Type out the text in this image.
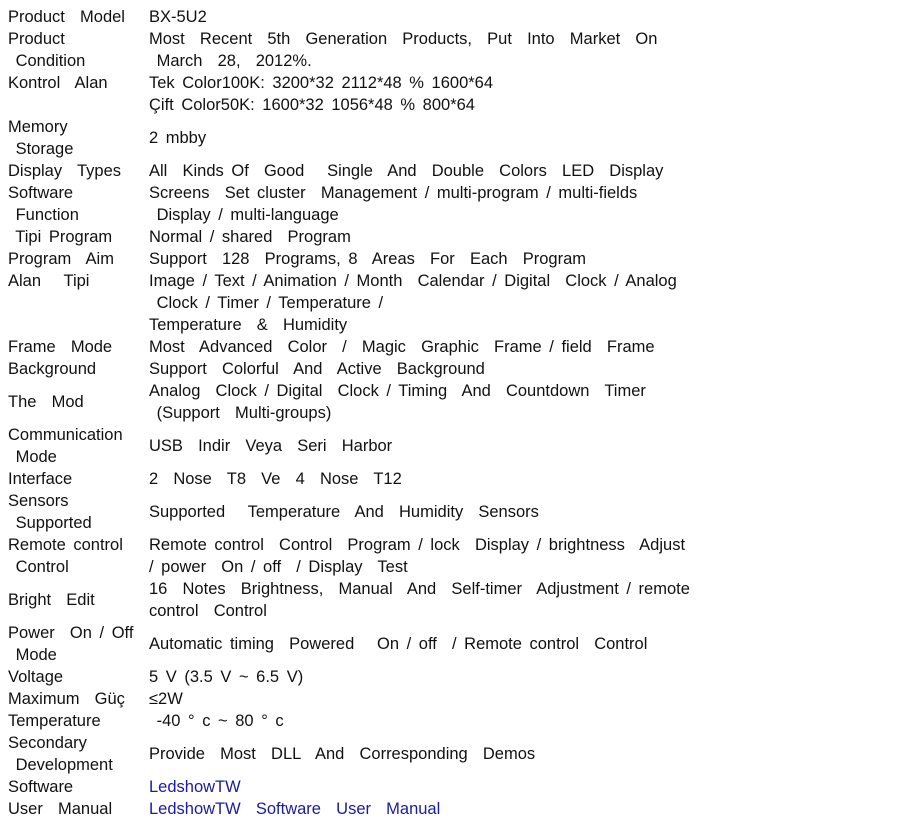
Product  Model	BX-5U2

Product
Condition	Most  Recent  5th  Generation  Products,  Put  Into  Market  On
March  28,  2012%.

Kontrol  Alan	Tek Color100K: 3200*32 2112*48 % 1600*64
Çift Color50K: 1600*32 1056*48 % 800*64

Memory
Storage	2 mbby

Display  Types	All  Kinds Of  Good   Single  And  Double  Colors  LED  Display

Software
Function	Screens  Set cluster  Management / multi-program / multi-fields
Display / multi-language

Tipi Program	Normal / shared  Program

Program  Aim	Support  128  Programs, 8  Areas  For  Each  Program

Alan   Tipi	Image / Text / Animation / Month  Calendar / Digital  Clock / Analog
Clock / Timer / Temperature /
Temperature  &  Humidity

Frame  Mode	Most  Advanced  Color  /  Magic  Graphic  Frame / field  Frame

Background	Support  Colorful  And  Active  Background

The  Mod	Analog  Clock / Digital  Clock / Timing  And  Countdown  Timer
(Support  Multi-groups)

Communication
Mode	USB  Indir  Veya  Seri  Harbor

Interface	2  Nose  T8  Ve  4  Nose  T12

Sensors
Supported	Supported   Temperature  And  Humidity  Sensors

Remote control
Control	Remote control  Control  Program / lock  Display / brightness  Adjust
/ power  On / off  / Display  Test

Bright  Edit	16  Notes  Brightness,  Manual  And  Self-timer  Adjustment / remote
control  Control

Power  On / Off
Mode	Automatic timing  Powered   On / off  / Remote control  Control

Voltage	5 V (3.5 V ~ 6.5 V)

Maximum  Güç	≤2W

Temperature	-40 ° c ~ 80 ° c

Secondary
Development	Provide  Most  DLL  And  Corresponding  Demos

Software	LedshowTW

User  Manual	LedshowTW  Software  User  Manual
